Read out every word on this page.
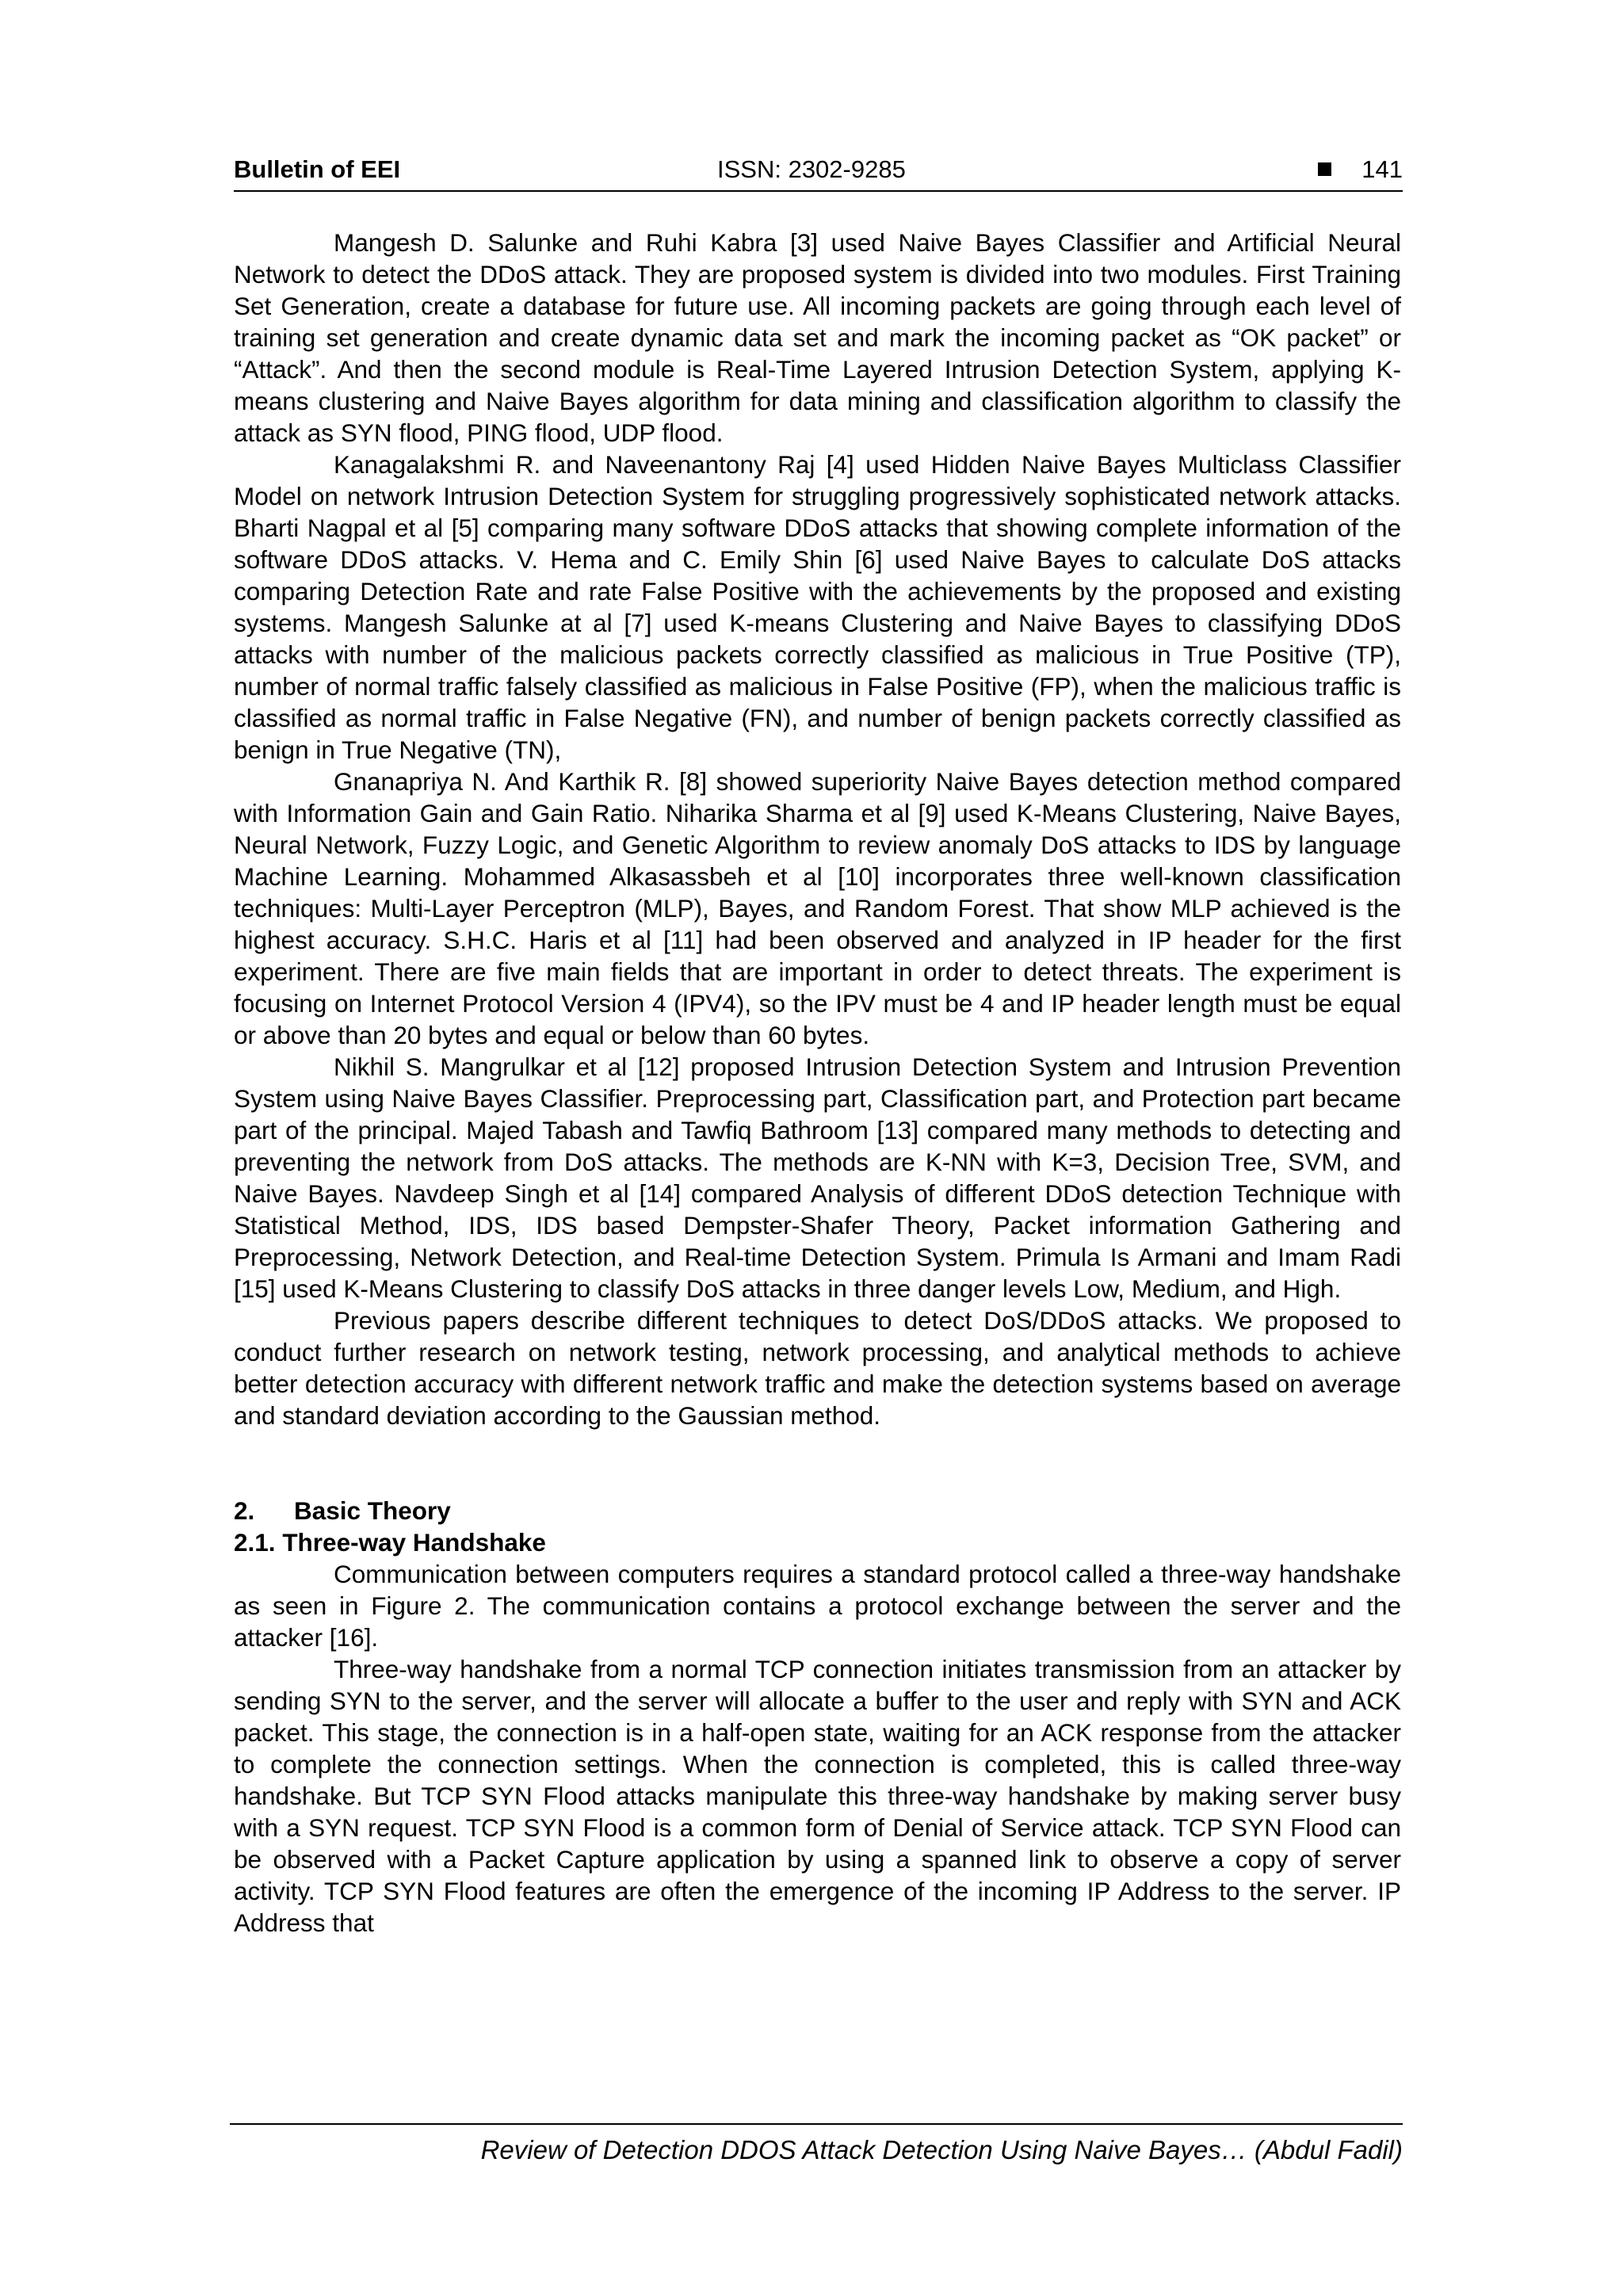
Bulletin of EEI	ISSN: 2302-9285	141

Mangesh D. Salunke and Ruhi Kabra [3] used Naive Bayes Classifier and Artificial Neural Network to detect the DDoS attack. They are proposed system is divided into two modules. First Training Set Generation, create a database for future use. All incoming packets are going through each level of training set generation and create dynamic data set and mark the incoming packet as “OK packet” or “Attack”. And then the second module is Real-Time Layered Intrusion Detection System, applying K-means clustering and Naive Bayes algorithm for data mining and classification algorithm to classify the attack as SYN flood, PING flood, UDP flood.

Kanagalakshmi R. and Naveenantony Raj [4] used Hidden Naive Bayes Multiclass Classifier Model on network Intrusion Detection System for struggling progressively sophisticated network attacks. Bharti Nagpal et al [5] comparing many software DDoS attacks that showing complete information of the software DDoS attacks. V. Hema and C. Emily Shin [6] used Naive Bayes to calculate DoS attacks comparing Detection Rate and rate False Positive with the achievements by the proposed and existing systems. Mangesh Salunke at al [7] used K-means Clustering and Naive Bayes to classifying DDoS attacks with number of the malicious packets correctly classified as malicious in True Positive (TP), number of normal traffic falsely classified as malicious in False Positive (FP), when the malicious traffic is classified as normal traffic in False Negative (FN), and number of benign packets correctly classified as benign in True Negative (TN),

Gnanapriya N. And Karthik R. [8] showed superiority Naive Bayes detection method compared with Information Gain and Gain Ratio. Niharika Sharma et al [9] used K-Means Clustering, Naive Bayes, Neural Network, Fuzzy Logic, and Genetic Algorithm to review anomaly DoS attacks to IDS by language Machine Learning. Mohammed Alkasassbeh et al [10] incorporates three well-known classification techniques: Multi-Layer Perceptron (MLP), Bayes, and Random Forest. That show MLP achieved is the highest accuracy. S.H.C. Haris et al [11] had been observed and analyzed in IP header for the first experiment. There are five main fields that are important in order to detect threats. The experiment is focusing on Internet Protocol Version 4 (IPV4), so the IPV must be 4 and IP header length must be equal or above than 20 bytes and equal or below than 60 bytes.

Nikhil S. Mangrulkar et al [12] proposed Intrusion Detection System and Intrusion Prevention System using Naive Bayes Classifier. Preprocessing part, Classification part, and Protection part became part of the principal. Majed Tabash and Tawfiq Bathroom [13] compared many methods to detecting and preventing the network from DoS attacks. The methods are K-NN with K=3, Decision Tree, SVM, and Naive Bayes. Navdeep Singh et al [14] compared Analysis of different DDoS detection Technique with Statistical Method, IDS, IDS based Dempster-Shafer Theory, Packet information Gathering and Preprocessing, Network Detection, and Real-time Detection System. Primula Is Armani and Imam Radi [15] used K-Means Clustering to classify DoS attacks in three danger levels Low, Medium, and High.

Previous papers describe different techniques to detect DoS/DDoS attacks. We proposed to conduct further research on network testing, network processing, and analytical methods to achieve better detection accuracy with different network traffic and make the detection systems based on average and standard deviation according to the Gaussian method.

2. Basic Theory
2.1. Three-way Handshake

Communication between computers requires a standard protocol called a three-way handshake as seen in Figure 2. The communication contains a protocol exchange between the server and the attacker [16].

Three-way handshake from a normal TCP connection initiates transmission from an attacker by sending SYN to the server, and the server will allocate a buffer to the user and reply with SYN and ACK packet. This stage, the connection is in a half-open state, waiting for an ACK response from the attacker to complete the connection settings. When the connection is completed, this is called three-way handshake. But TCP SYN Flood attacks manipulate this three-way handshake by making server busy with a SYN request. TCP SYN Flood is a common form of Denial of Service attack. TCP SYN Flood can be observed with a Packet Capture application by using a spanned link to observe a copy of server activity. TCP SYN Flood features are often the emergence of the incoming IP Address to the server. IP Address that

Review of Detection DDOS Attack Detection Using Naive Bayes… (Abdul Fadil)
